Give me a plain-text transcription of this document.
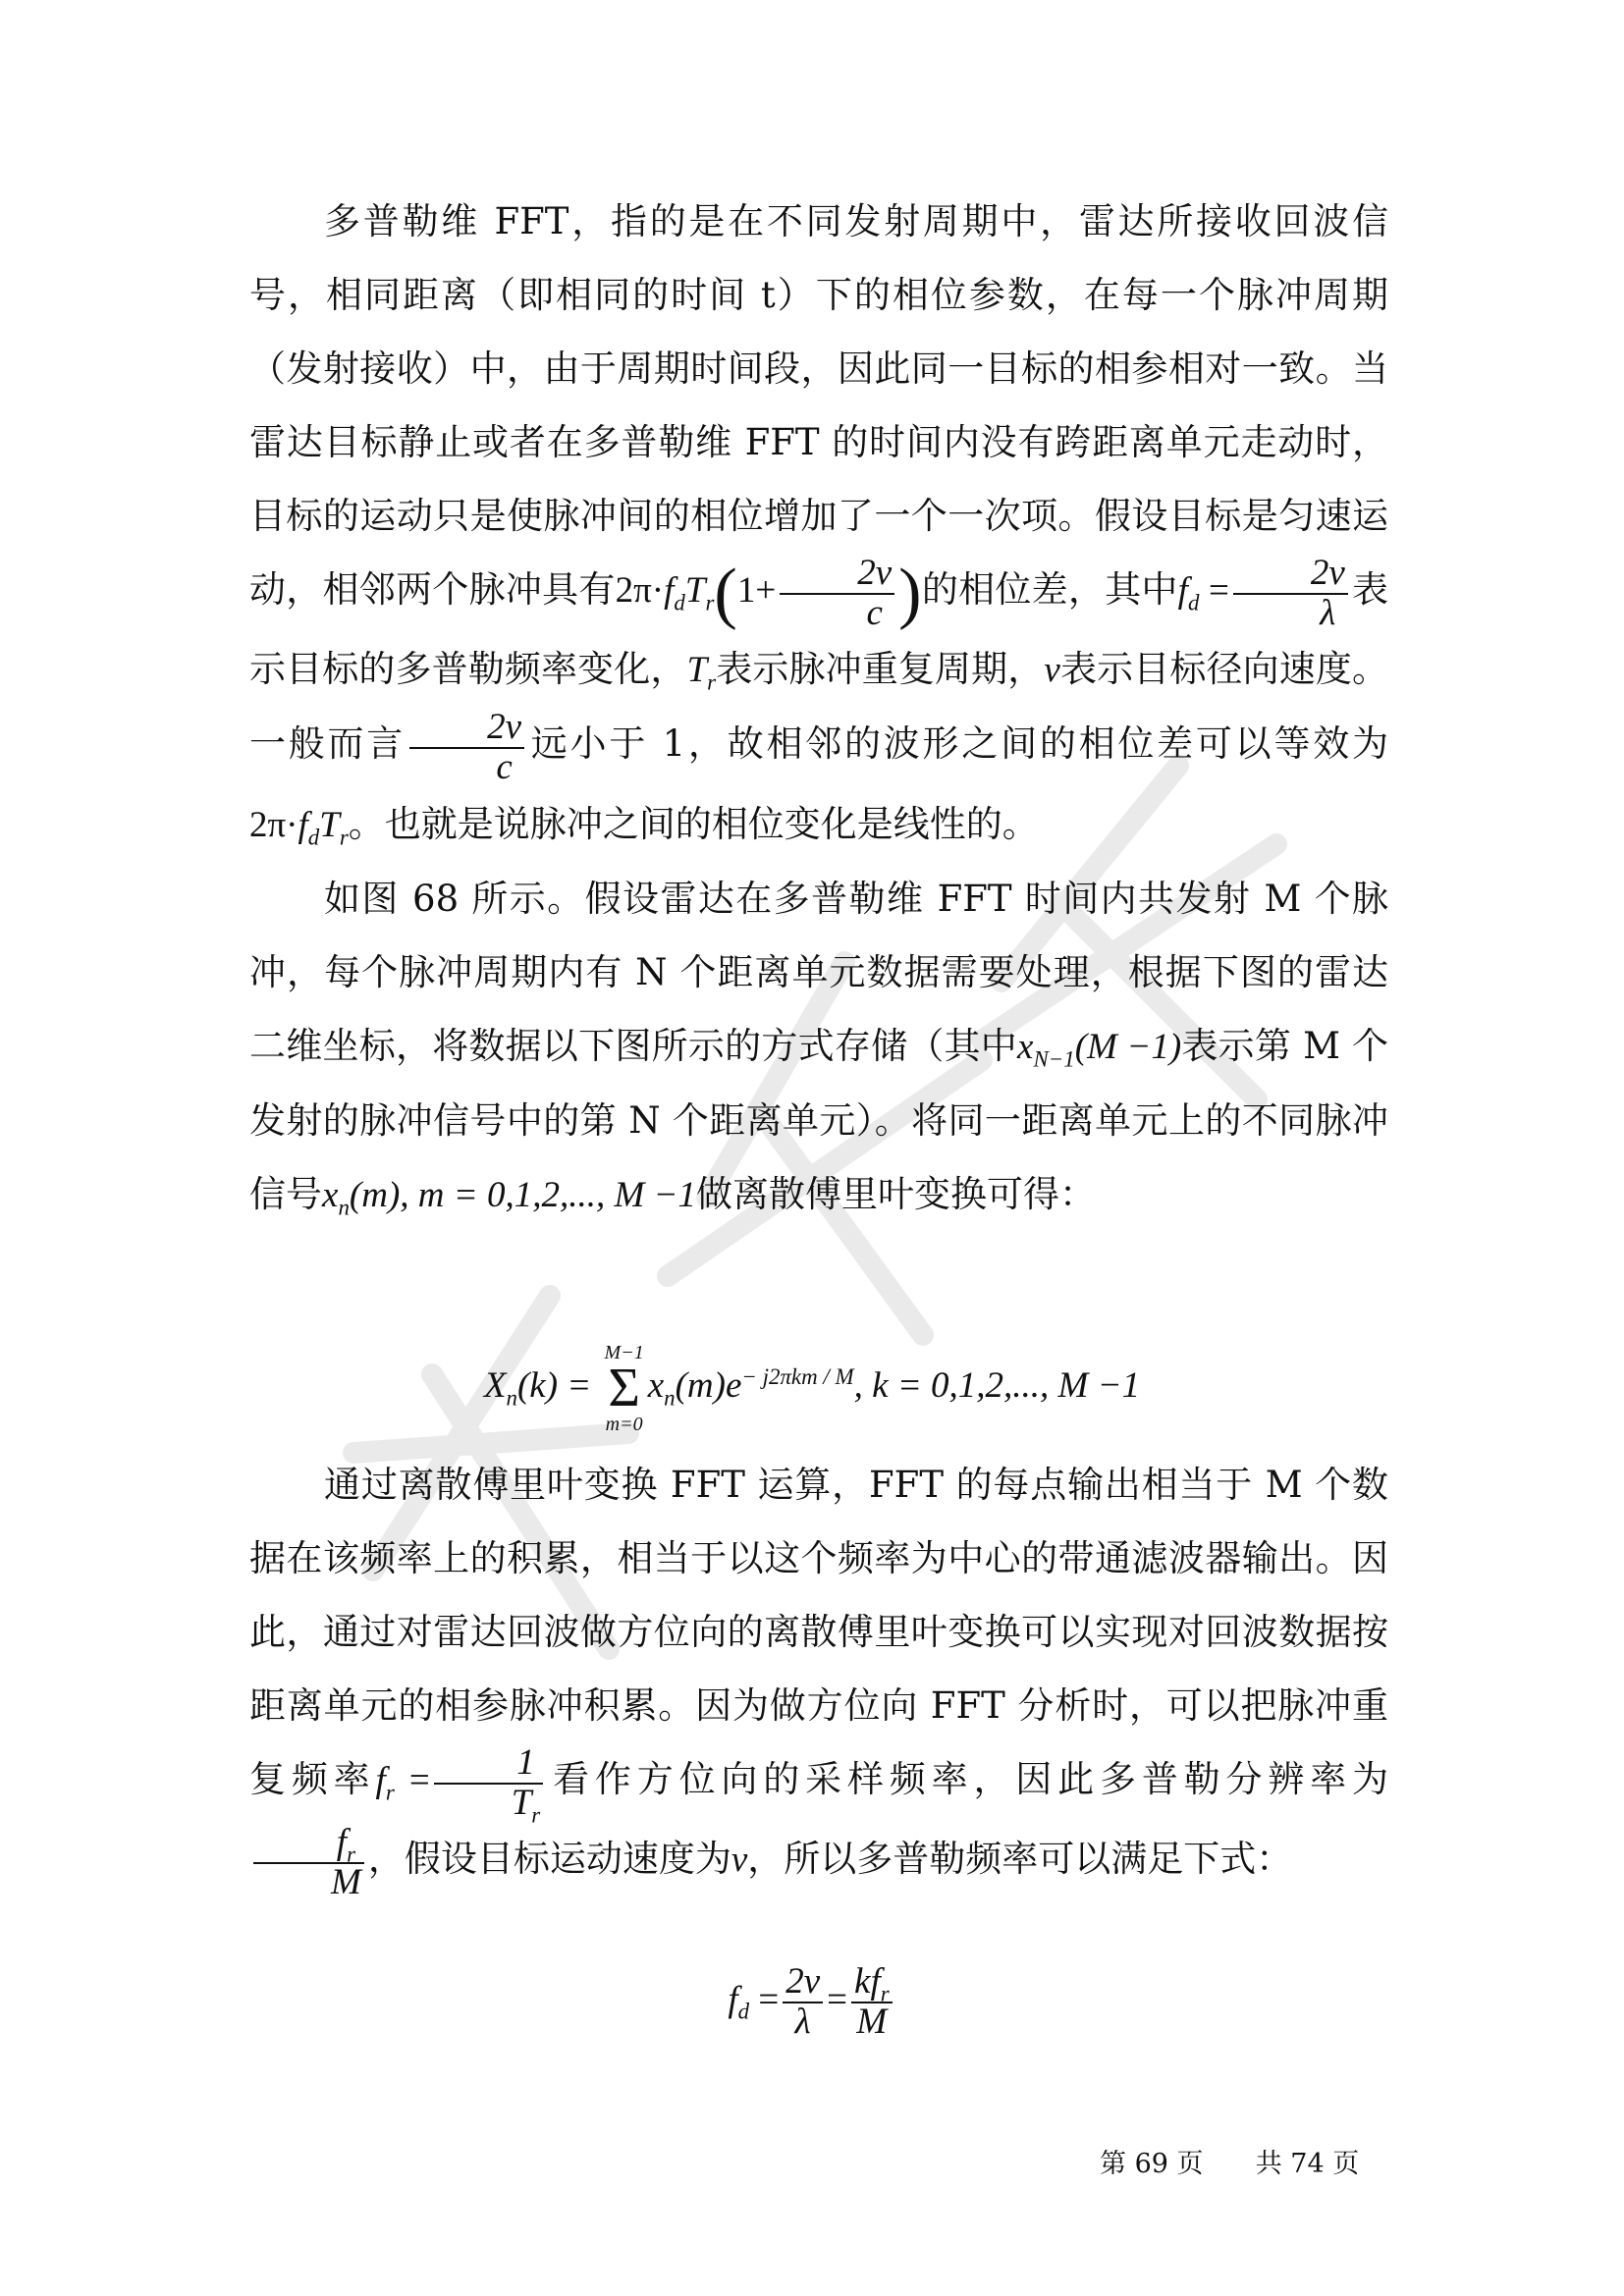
多普勒维 FFT，指的是在不同发射周期中，雷达所接收回波信号，相同距离（即相同的时间 t）下的相位参数，在每一个脉冲周期（发射接收）中，由于周期时间段，因此同一目标的相参相对一致。当雷达目标静止或者在多普勒维 FFT 的时间内没有跨距离单元走动时，目标的运动只是使脉冲间的相位增加了一个一次项。假设目标是匀速运动，相邻两个脉冲具有$2\pi\cdot f_dT_r(1+ \frac{2v}{c}$ )的相位差，其中$f_d = \frac{2v}{\lambda}$ 表示目标的多普勒频率变化，$T_r$表示脉冲重复周期，v表示目标径向速度。一般而言 $\frac{2v}{c}$ 远小于 1，故相邻的波形之间的相位差可以等效为$2\pi\cdot f_dT_r$。也就是说脉冲之间的相位变化是线性的。

如图 68 所示。假设雷达在多普勒维 FFT 时间内共发射 M 个脉冲，每个脉冲周期内有 N 个距离单元数据需要处理，根据下图的雷达二维坐标，将数据以下图所示的方式存储（其中$x_{N-1}(M -1)$表示第 M 个发射的脉冲信号中的第 N 个距离单元）。将同一距离单元上的不同脉冲信号$x_n(m)$, m = 0,1,2,..., M −1做离散傅里叶变换可得：

$X_n(k)$ =
M−1
Σ
m=0
$x_n(m)e^{- j2\pi km / M}$, k = 0,1,2,..., M −1

通过离散傅里叶变换 FFT 运算，FFT 的每点输出相当于 M 个数据在该频率上的积累，相当于以这个频率为中心的带通滤波器输出。因此，通过对雷达回波做方位向的离散傅里叶变换可以实现对回波数据按距离单元的相参脉冲积累。因为做方位向 FFT 分析时，可以把脉冲重复频率$f_r = \frac{1}{T_r}$ 看作方位向的采样频率，因此多普勒分辨率为
$\frac{f_r}{M}$ ，假设目标运动速度为v，所以多普勒频率可以满足下式：

$f_d = \frac{2v}{\lambda} = \frac{kf_r}{M}$
第 69 页 共 74 页
